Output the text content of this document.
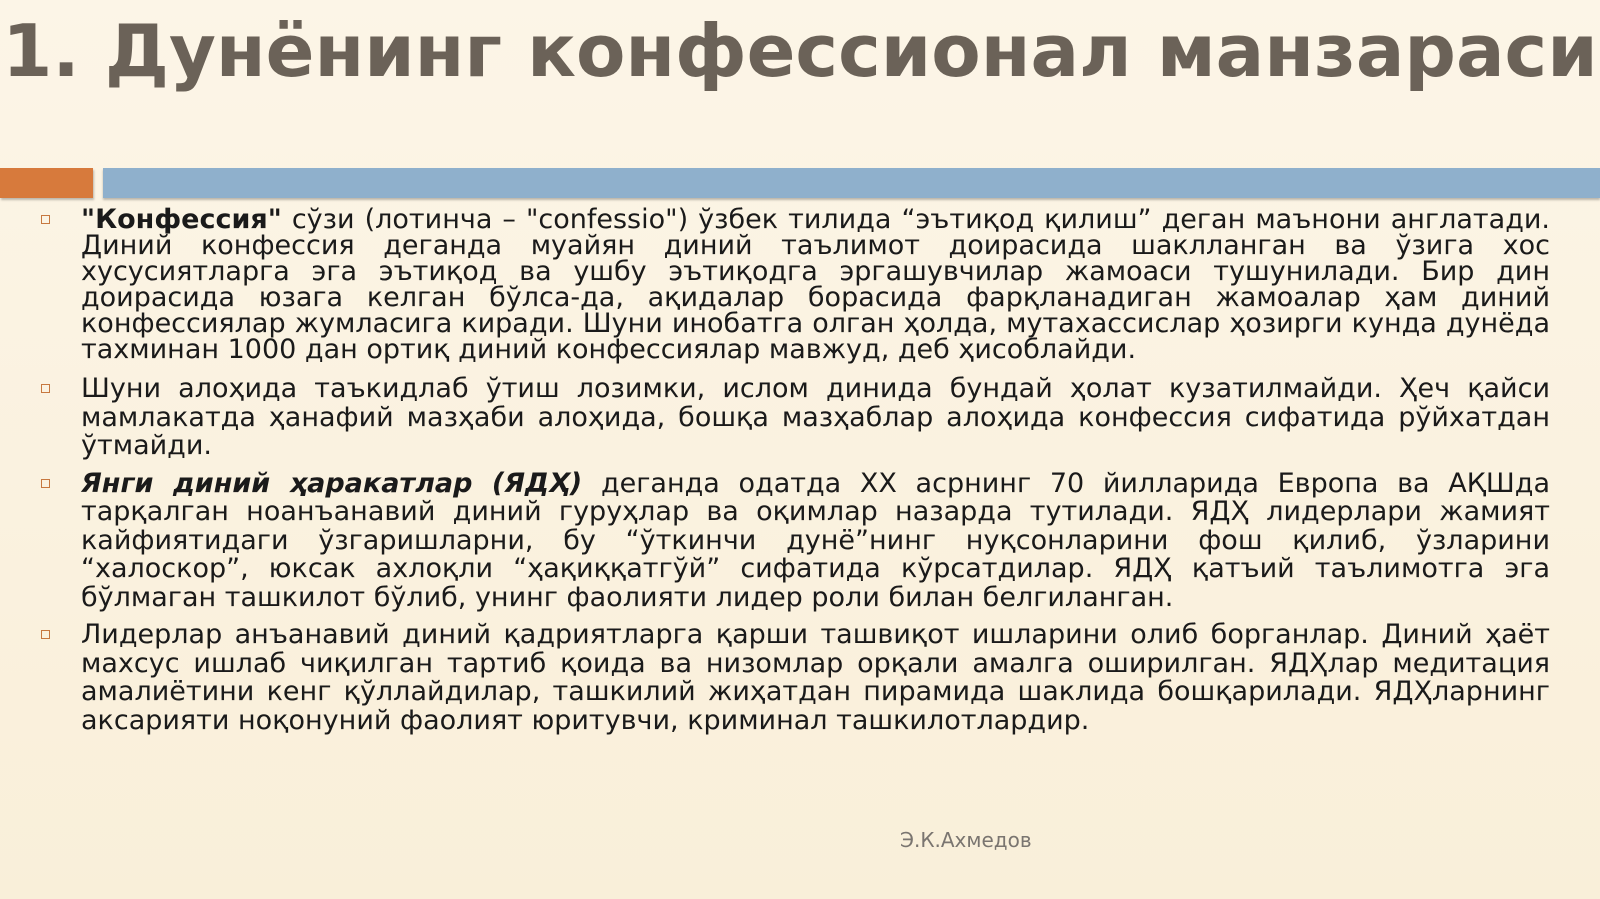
1. Дунёнинг конфессионал манзараси
"Конфессия" сўзи (лотинча – "confessio") ўзбек тилида “эътиқод қилиш” деган маънони англатади. Диний конфессия деганда муайян диний таълимот доирасида шаклланган ва ўзига хос хусусиятларга эга эътиқод ва ушбу эътиқодга эргашувчилар жамоаси тушунилади. Бир дин доирасида юзага келган бўлса-да, ақидалар борасида фарқланадиган жамоалар ҳам диний конфессиялар жумласига киради. Шуни инобатга олган ҳолда, мутахассислар ҳозирги кунда дунёда тахминан 1000 дан ортиқ диний конфессиялар мавжуд, деб ҳисоблайди.
Шуни алоҳида таъкидлаб ўтиш лозимки, ислом динида бундай ҳолат кузатилмайди. Ҳеч қайси мамлакатда ҳанафий мазҳаби алоҳида, бошқа мазҳаблар алоҳида конфессия сифатида рўйхатдан ўтмайди.
Янги диний ҳаракатлар (ЯДҲ) деганда одатда XX асрнинг 70 йилларида Европа ва АҚШда тарқалган ноанъанавий диний гуруҳлар ва оқимлар назарда тутилади. ЯДҲ лидерлари жамият кайфиятидаги ўзгаришларни, бу “ўткинчи дунё”нинг нуқсонларини фош қилиб, ўзларини “халоскор”, юксак ахлоқли “ҳақиққатгўй” сифатида кўрсатдилар. ЯДҲ қатъий таълимотга эга бўлмаган ташкилот бўлиб, унинг фаолияти лидер роли билан белгиланган.
Лидерлар анъанавий диний қадриятларга қарши ташвиқот ишларини олиб борганлар. Диний ҳаёт махсус ишлаб чиқилган тартиб қоида ва низомлар орқали амалга оширилган. ЯДҲлар медитация амалиётини кенг қўллайдилар, ташкилий жиҳатдан пирамида шаклида бошқарилади. ЯДҲларнинг аксарияти ноқонуний фаолият юритувчи, криминал ташкилотлардир.
Э.К.Ахмедов
